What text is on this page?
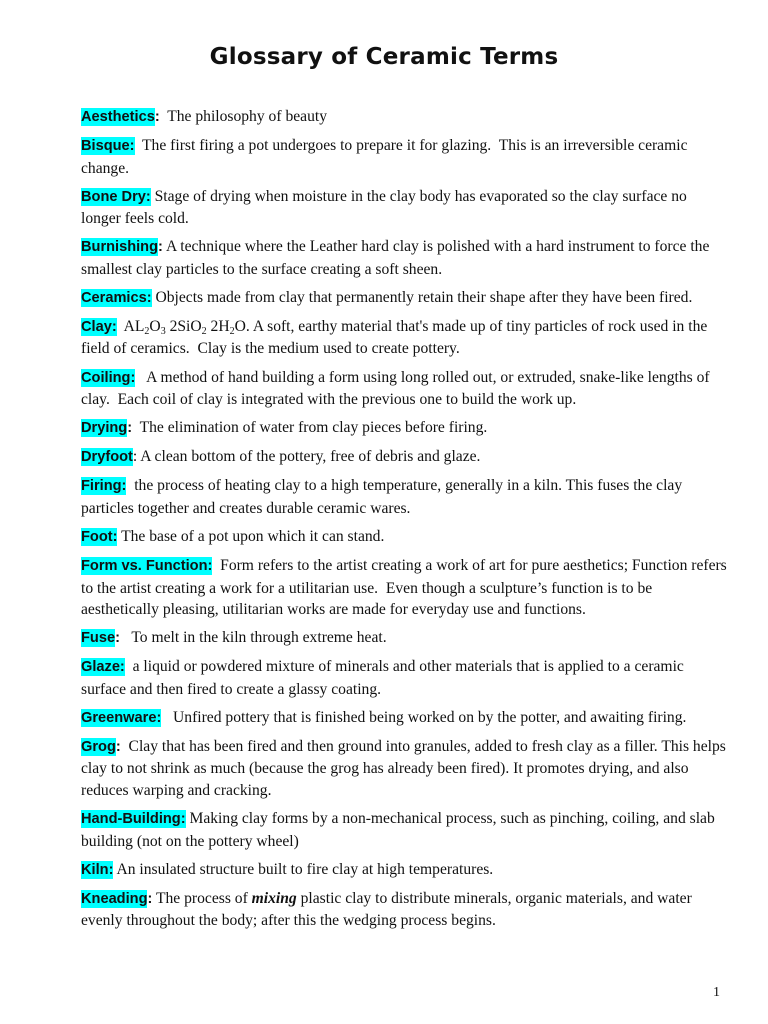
Glossary of Ceramic Terms
Aesthetics:  The philosophy of beauty
Bisque:  The first firing a pot undergoes to prepare it for glazing.  This is an irreversible ceramic change.
Bone Dry: Stage of drying when moisture in the clay body has evaporated so the clay surface no longer feels cold.
Burnishing: A technique where the Leather hard clay is polished with a hard instrument to force the smallest clay particles to the surface creating a soft sheen.
Ceramics: Objects made from clay that permanently retain their shape after they have been fired.
Clay:  $AL_2O_3$ 2SiO$_2$ $2H_2O$. A soft, earthy material that's made up of tiny particles of rock used in the field of ceramics.  Clay is the medium used to create pottery.
Coiling:   A method of hand building a form using long rolled out, or extruded, snake-like lengths of clay.  Each coil of clay is integrated with the previous one to build the work up.
Drying:  The elimination of water from clay pieces before firing.
Dryfoot: A clean bottom of the pottery, free of debris and glaze.
Firing:  the process of heating clay to a high temperature, generally in a kiln. This fuses the clay particles together and creates durable ceramic wares.
Foot: The base of a pot upon which it can stand.
Form vs. Function:  Form refers to the artist creating a work of art for pure aesthetics; Function refers to the artist creating a work for a utilitarian use.  Even though a sculpture’s function is to be aesthetically pleasing, utilitarian works are made for everyday use and functions.
Fuse:   To melt in the kiln through extreme heat.
Glaze:  a liquid or powdered mixture of minerals and other materials that is applied to a ceramic surface and then fired to create a glassy coating.
Greenware:   Unfired pottery that is finished being worked on by the potter, and awaiting firing.
Grog:  Clay that has been fired and then ground into granules, added to fresh clay as a filler. This helps clay to not shrink as much (because the grog has already been fired). It promotes drying, and also reduces warping and cracking.
Hand-Building: Making clay forms by a non-mechanical process, such as pinching, coiling, and slab building (not on the pottery wheel)
Kiln: An insulated structure built to fire clay at high temperatures.
Kneading: The process of mixing plastic clay to distribute minerals, organic materials, and water evenly throughout the body; after this the wedging process begins.
1
